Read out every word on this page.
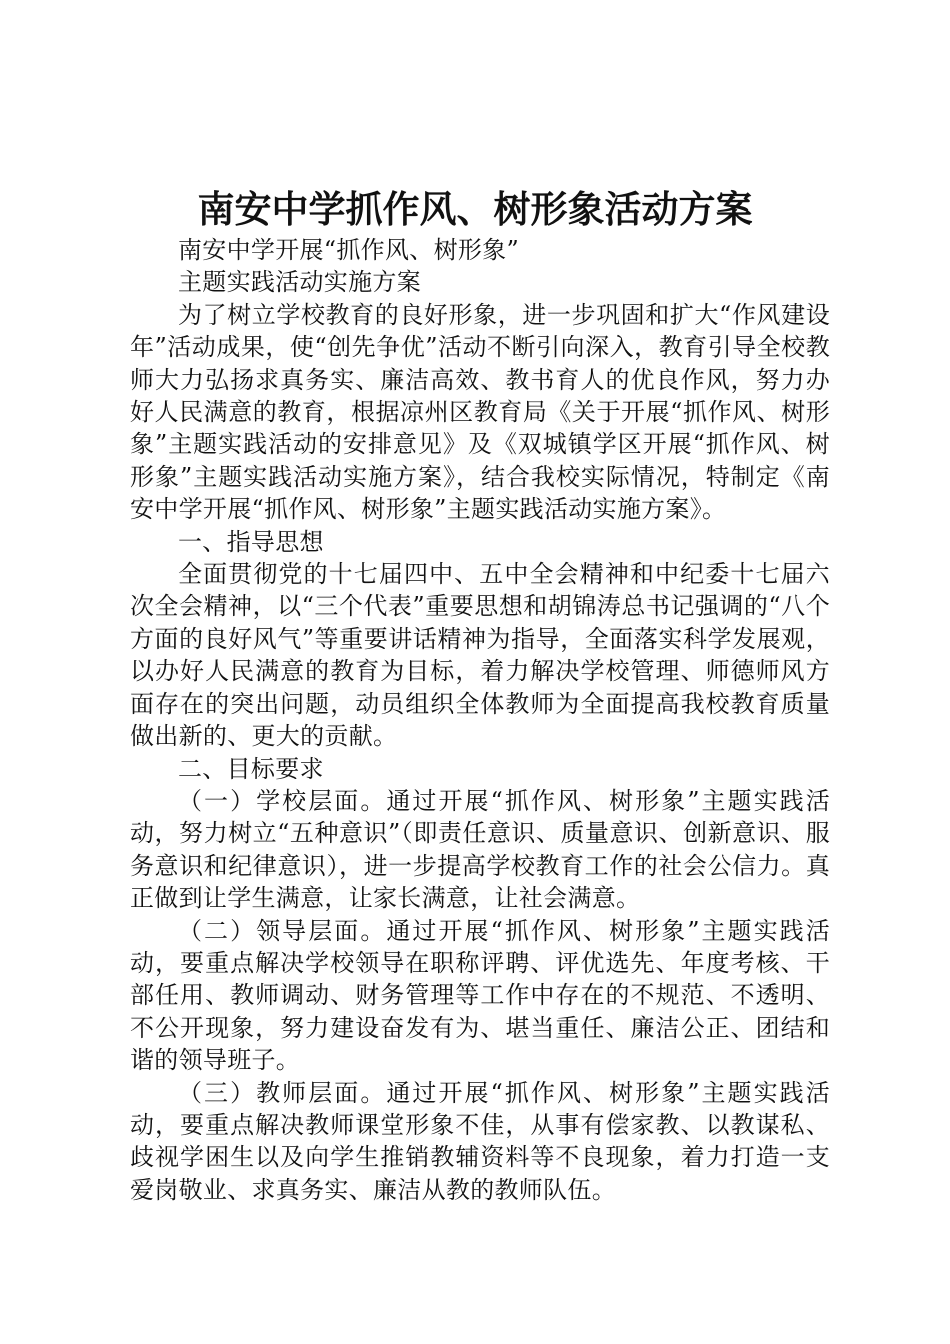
南安中学抓作风、树形象活动方案

南安中学开展“抓作风、树形象”

主题实践活动实施方案

为了树立学校教育的良好形象，进一步巩固和扩大“作风建设年”活动成果，使“创先争优”活动不断引向深入，教育引导全校教师大力弘扬求真务实、廉洁高效、教书育人的优良作风，努力办好人民满意的教育，根据凉州区教育局《关于开展“抓作风、树形象”主题实践活动的安排意见》及《双城镇学区开展“抓作风、树形象”主题实践活动实施方案》，结合我校实际情况，特制定《南安中学开展“抓作风、树形象”主题实践活动实施方案》。

一、指导思想

全面贯彻党的十七届四中、五中全会精神和中纪委十七届六次全会精神，以“三个代表”重要思想和胡锦涛总书记强调的“八个方面的良好风气”等重要讲话精神为指导，全面落实科学发展观，以办好人民满意的教育为目标，着力解决学校管理、师德师风方面存在的突出问题，动员组织全体教师为全面提高我校教育质量做出新的、更大的贡献。

二、目标要求

（一）学校层面。通过开展“抓作风、树形象”主题实践活动，努力树立“五种意识”（即责任意识、质量意识、创新意识、服务意识和纪律意识），进一步提高学校教育工作的社会公信力。真正做到让学生满意，让家长满意，让社会满意。

（二）领导层面。通过开展“抓作风、树形象”主题实践活动，要重点解决学校领导在职称评聘、评优选先、年度考核、干部任用、教师调动、财务管理等工作中存在的不规范、不透明、不公开现象，努力建设奋发有为、堪当重任、廉洁公正、团结和谐的领导班子。

（三）教师层面。通过开展“抓作风、树形象”主题实践活动，要重点解决教师课堂形象不佳，从事有偿家教、以教谋私、歧视学困生以及向学生推销教辅资料等不良现象，着力打造一支爱岗敬业、求真务实、廉洁从教的教师队伍。
